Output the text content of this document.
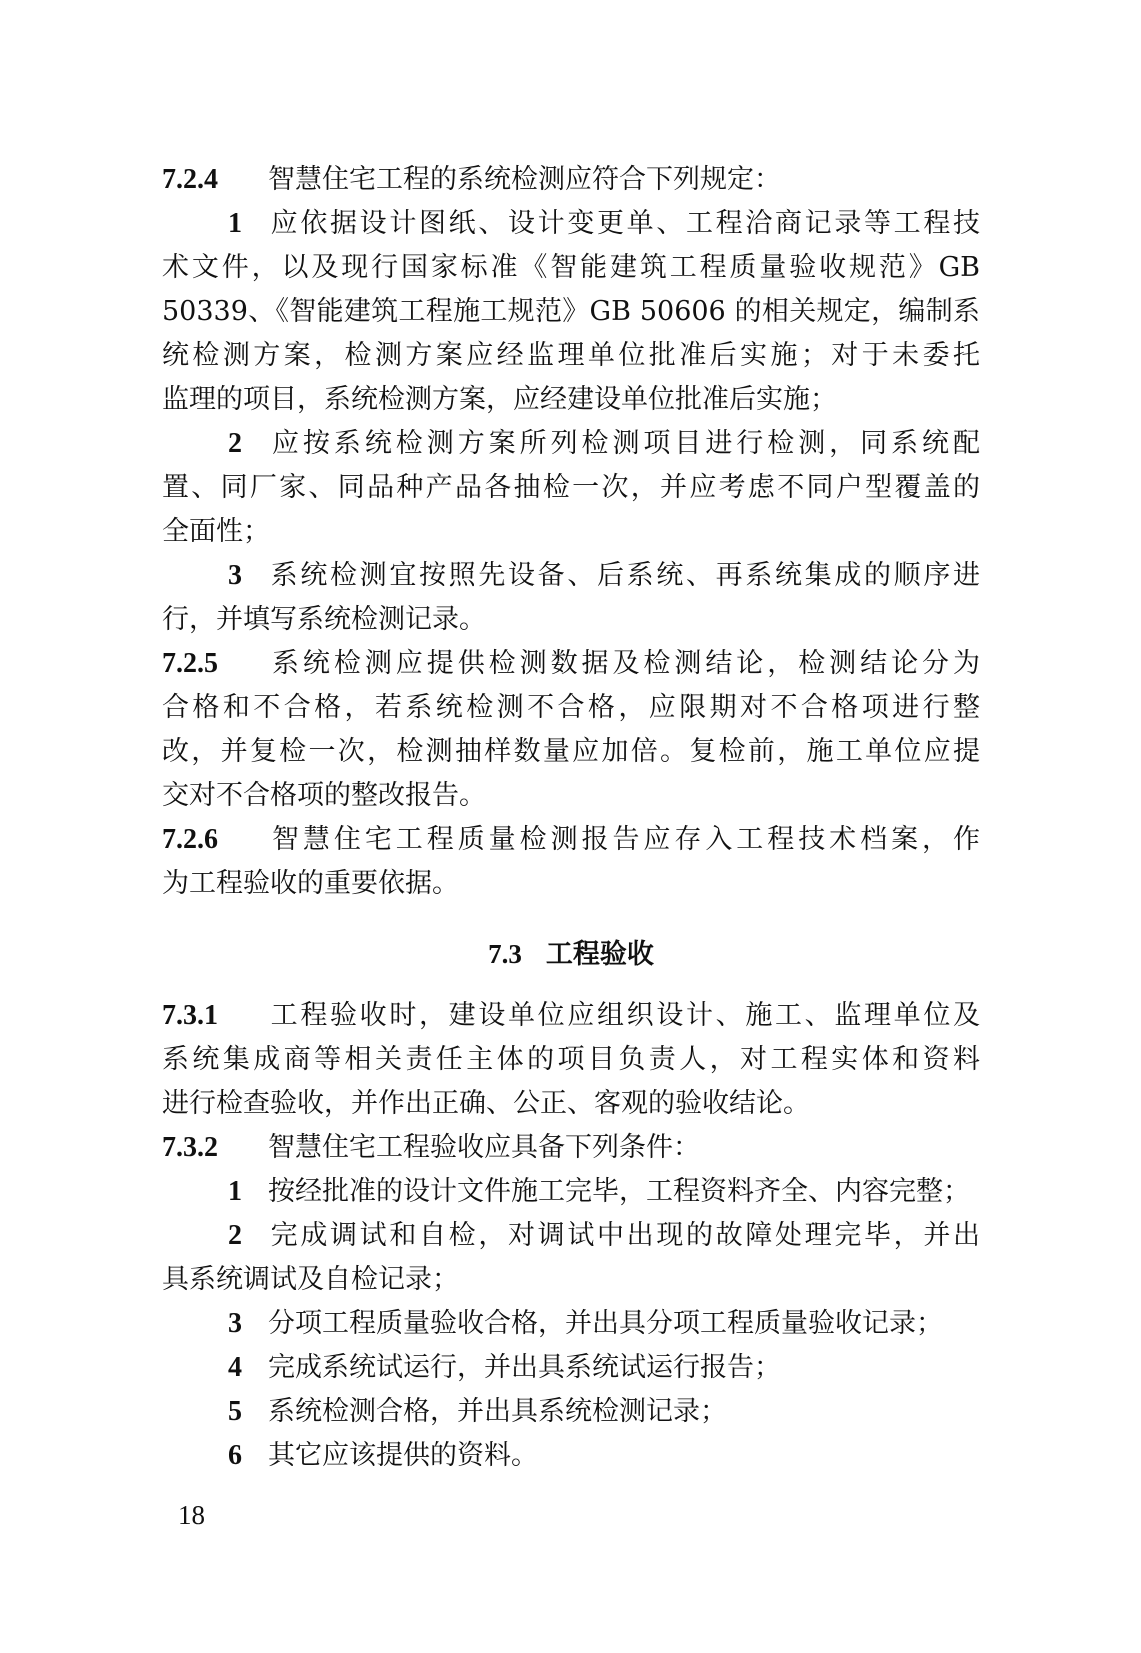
7.2.4 智慧住宅工程的系统检测应符合下列规定：
1 应依据设计图纸、设计变更单、工程洽商记录等工程技
术文件，以及现行国家标准《智能建筑工程质量验收规范》GB
50339、《智能建筑工程施工规范》GB 50606 的相关规定，编制系
统检测方案，检测方案应经监理单位批准后实施；对于未委托
监理的项目，系统检测方案，应经建设单位批准后实施；
2 应按系统检测方案所列检测项目进行检测，同系统配
置、同厂家、同品种产品各抽检一次，并应考虑不同户型覆盖的
全面性；
3 系统检测宜按照先设备、后系统、再系统集成的顺序进
行，并填写系统检测记录。
7.2.5 系统检测应提供检测数据及检测结论，检测结论分为
合格和不合格，若系统检测不合格，应限期对不合格项进行整
改，并复检一次，检测抽样数量应加倍。复检前，施工单位应提
交对不合格项的整改报告。
7.2.6 智慧住宅工程质量检测报告应存入工程技术档案，作
为工程验收的重要依据。
7.3 工程验收
7.3.1 工程验收时，建设单位应组织设计、施工、监理单位及
系统集成商等相关责任主体的项目负责人，对工程实体和资料
进行检查验收，并作出正确、公正、客观的验收结论。
7.3.2 智慧住宅工程验收应具备下列条件：
1 按经批准的设计文件施工完毕，工程资料齐全、内容完整；
2 完成调试和自检，对调试中出现的故障处理完毕，并出
具系统调试及自检记录；
3 分项工程质量验收合格，并出具分项工程质量验收记录；
4 完成系统试运行，并出具系统试运行报告；
5 系统检测合格，并出具系统检测记录；
6 其它应该提供的资料。
18
